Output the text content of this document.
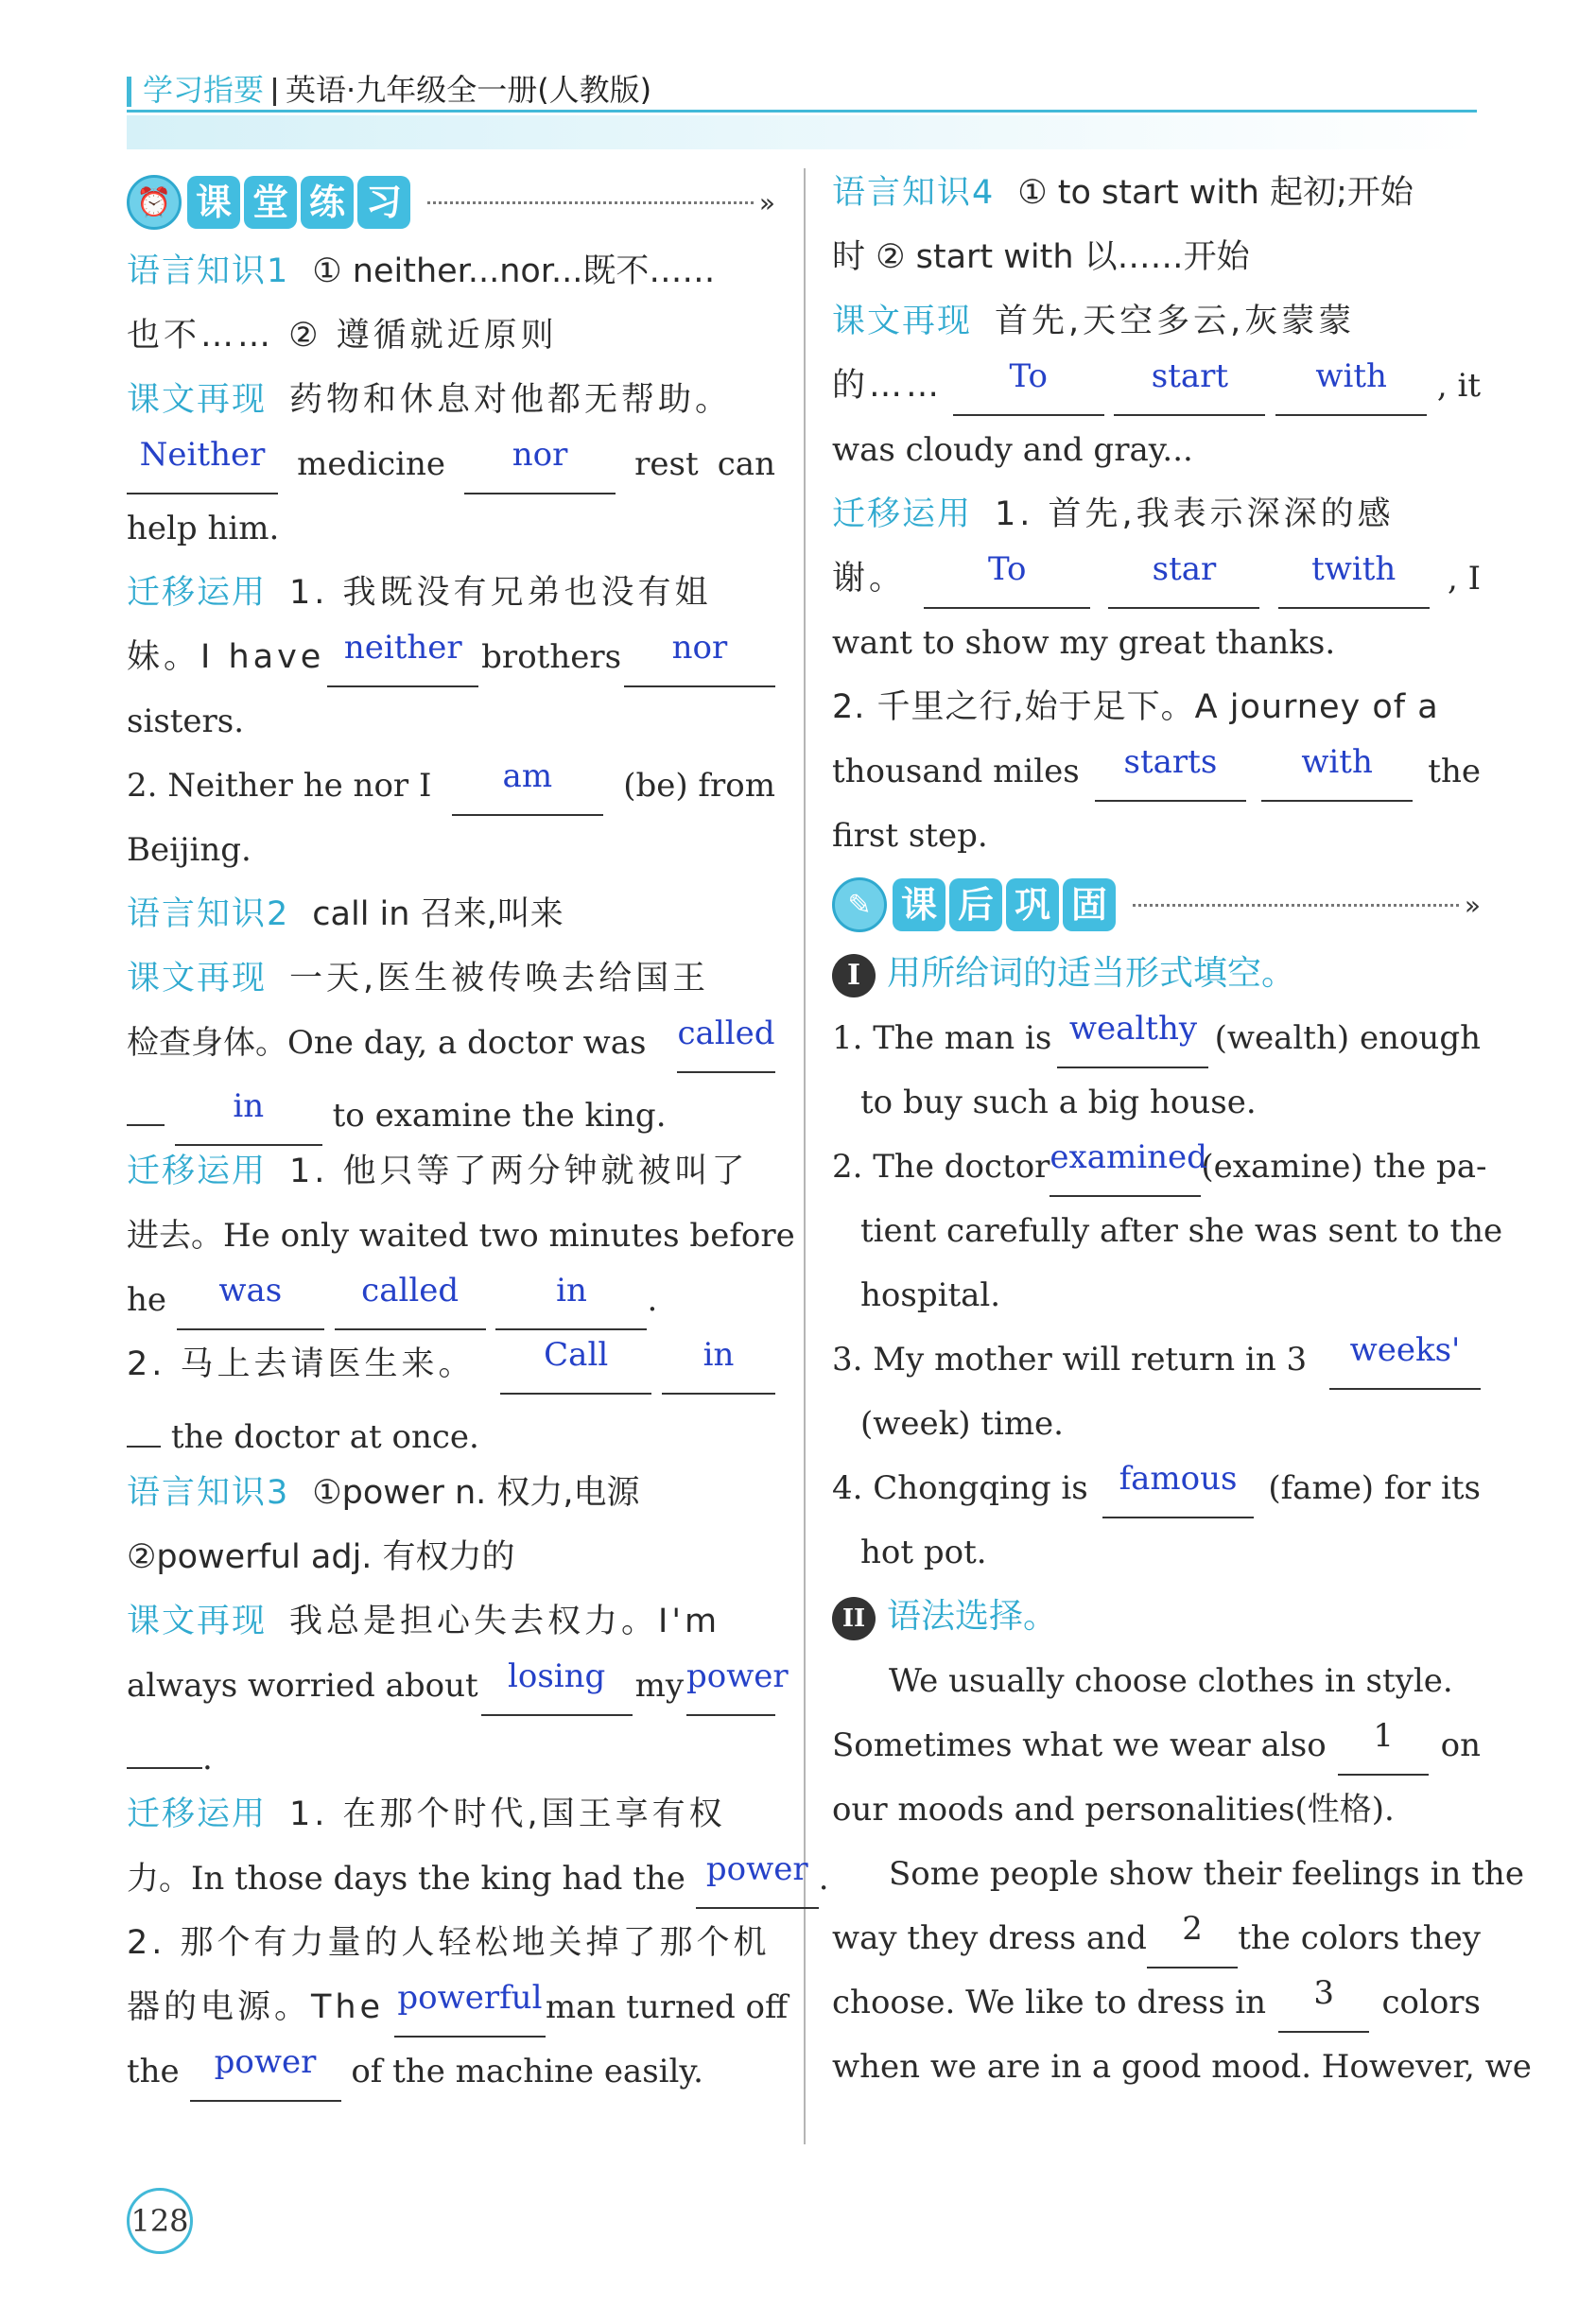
学习指要 英语·九年级全一册(人教版)
⏰ 课 堂 练 习	»
语言知识1 ① neither...nor...既不……
也不…… ② 遵循就近原则
课文再现 药物和休息对他都无帮助。
Neither medicine	nor	rest can
help him.
迁移运用 1. 我既没有兄弟也没有姐
妹。I have neither brothers	nor
sisters.
2. Neither he nor I	am	(be) from
Beijing.
语言知识2 call in 召来,叫来
课文再现 一天,医生被传唤去给国王
检查身体。One day, a doctor was called
in to examine the king.
迁移运用 1. 他只等了两分钟就被叫了
进去。He only waited two minutes before
he was called	in .
2. 马上去请医生来。	Call	in
the doctor at once.
语言知识3 ①power n. 权力,电源
②powerful adj. 有权力的
课文再现 我总是担心失去权力。I'm
always worried about losing my power
.
迁移运用 1. 在那个时代,国王享有权
力。In those days the king had the power .
2. 那个有力量的人轻松地关掉了那个机
器的电源。The powerful man turned off
the power of the machine easily.
语言知识4 ① to start with 起初;开始
时 ② start with 以……开始
课文再现 首先,天空多云,灰蒙蒙
的……	To	start	with	, it
was cloudy and gray...
迁移运用 1. 首先,我表示深深的感
谢。	To	star	twith	, I
want to show my great thanks.
2. 千里之行,始于足下。A journey of a
thousand miles	starts	with	the
first step.
✎ 课 后 巩 固	»
I 用所给词的适当形式填空。
1. The man is wealthy (wealth) enough
to buy such a big house.
2. The doctor examined
(examine) the pa-
tient carefully after she was sent to the
hospital.
3. My mother will return in 3	weeks'
(week) time.
4. Chongqing is famous (fame) for its
hot pot.
II 语法选择。
We usually choose clothes in style.
Sometimes what we wear also	1	on
our moods and personalities(性格).
Some people show their feelings in the
way they dress and	2	the colors they
choose. We like to dress in	3	colors
when we are in a good mood. However, we
128
